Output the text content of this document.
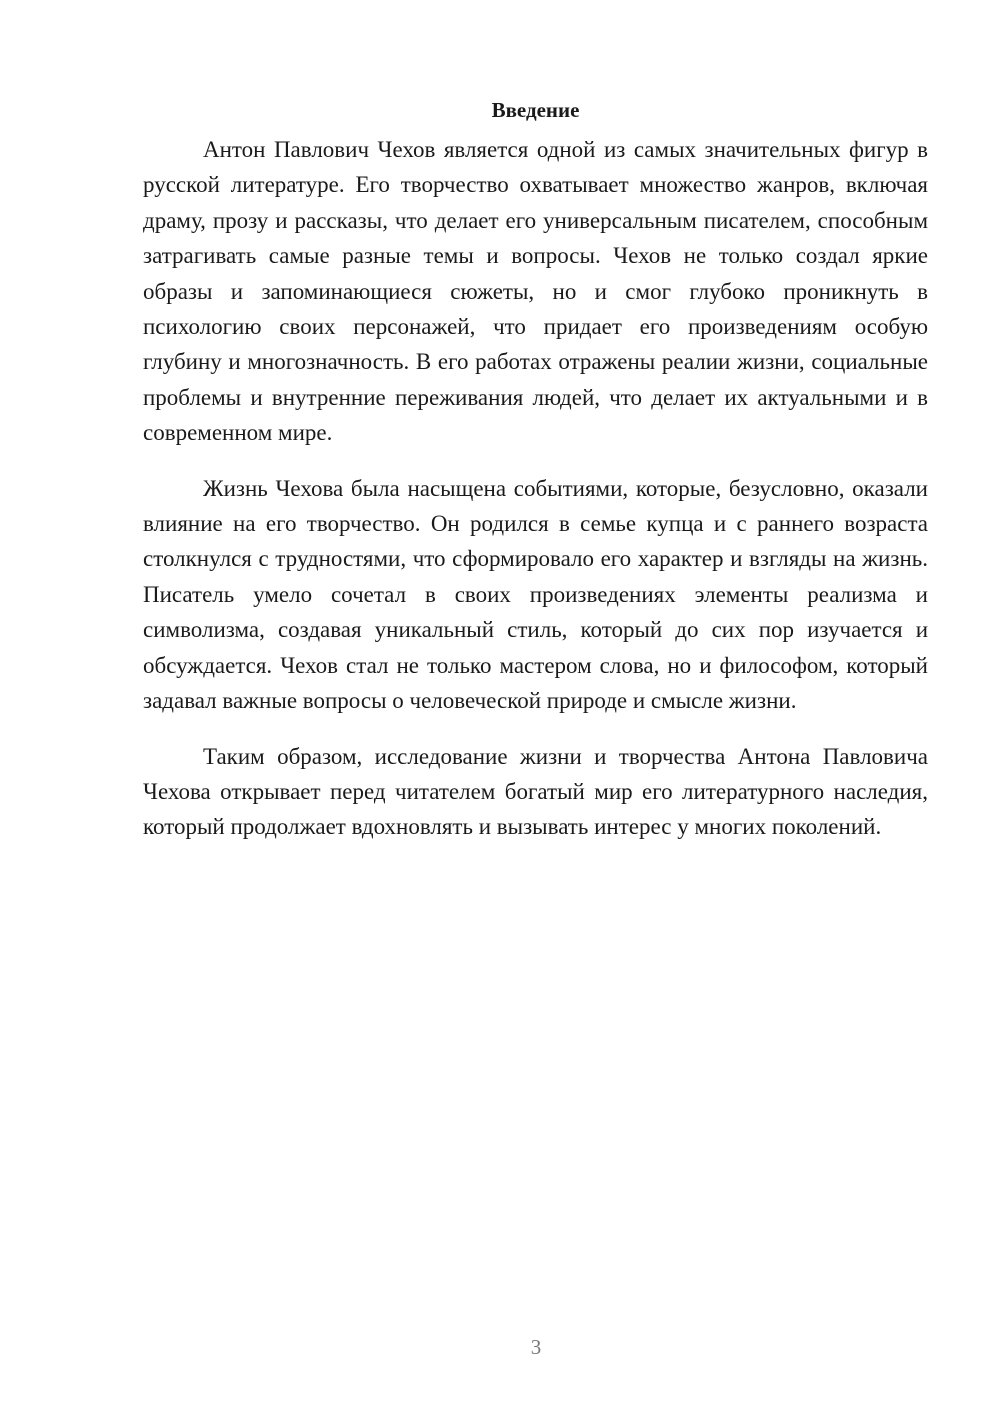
Введение

Антон Павлович Чехов является одной из самых значительных фигур в русской литературе. Его творчество охватывает множество жанров, включая драму, прозу и рассказы, что делает его универсальным писателем, способным затрагивать самые разные темы и вопросы. Чехов не только создал яркие образы и запоминающиеся сюжеты, но и смог глубоко проникнуть в психологию своих персонажей, что придает его произведениям особую глубину и многозначность. В его работах отражены реалии жизни, социальные проблемы и внутренние переживания людей, что делает их актуальными и в современном мире.

Жизнь Чехова была насыщена событиями, которые, безусловно, оказали влияние на его творчество. Он родился в семье купца и с раннего возраста столкнулся с трудностями, что сформировало его характер и взгляды на жизнь. Писатель умело сочетал в своих произведениях элементы реализма и символизма, создавая уникальный стиль, который до сих пор изучается и обсуждается. Чехов стал не только мастером слова, но и философом, который задавал важные вопросы о человеческой природе и смысле жизни.

Таким образом, исследование жизни и творчества Антона Павловича Чехова открывает перед читателем богатый мир его литературного наследия, который продолжает вдохновлять и вызывать интерес у многих поколений.

3
